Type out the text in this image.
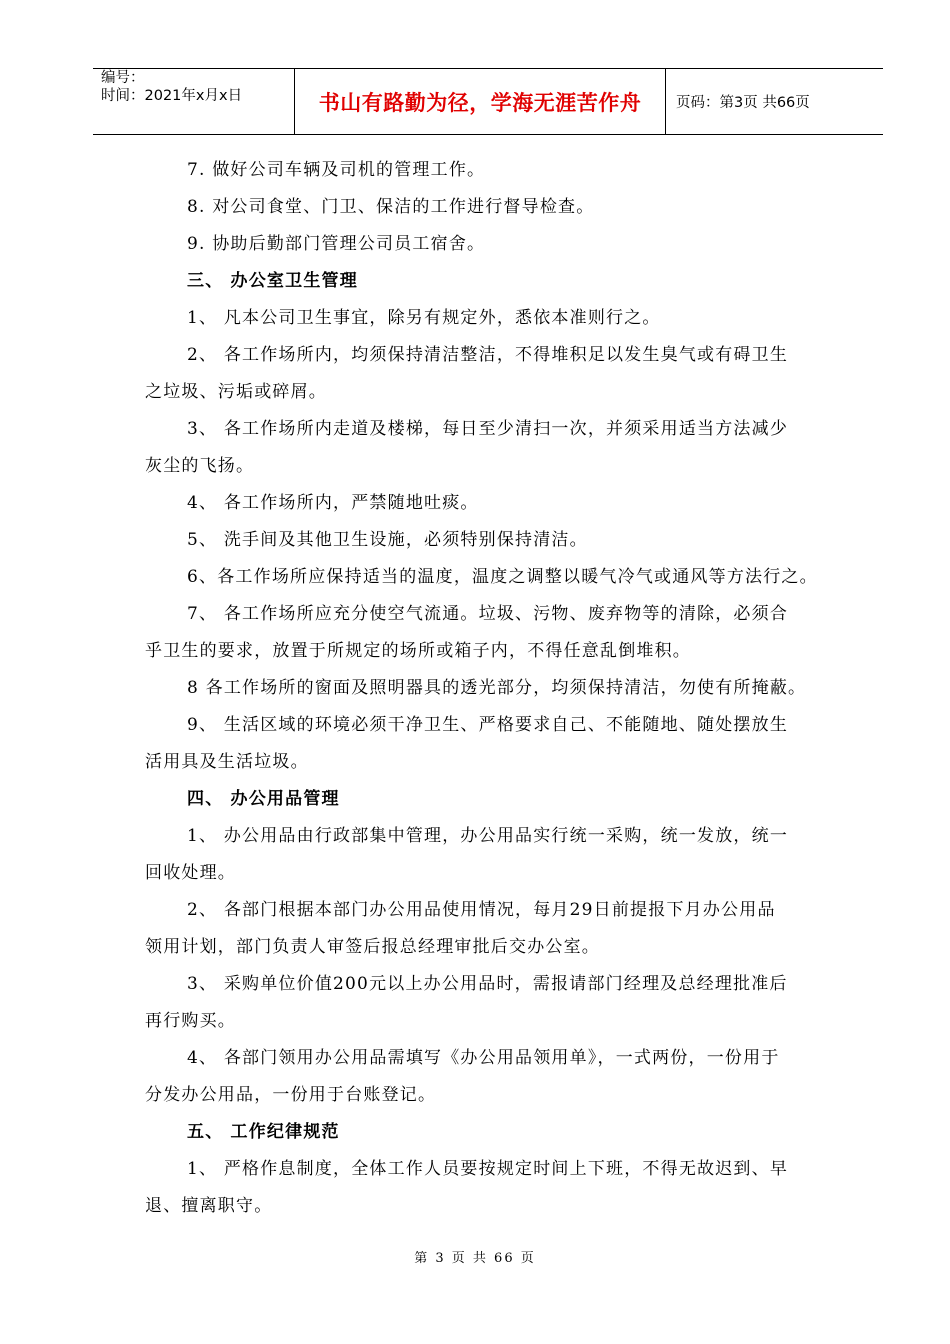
编号：
时间：2021年x月x日	书山有路勤为径，学海无涯苦作舟	页码：第3页 共66页

7. 做好公司车辆及司机的管理工作。

8. 对公司食堂、门卫、保洁的工作进行督导检查。

9. 协助后勤部门管理公司员工宿舍。

三、 办公室卫生管理

1、 凡本公司卫生事宜，除另有规定外，悉依本准则行之。

2、 各工作场所内，均须保持清洁整洁，不得堆积足以发生臭气或有碍卫生

之垃圾、污垢或碎屑。

3、 各工作场所内走道及楼梯，每日至少清扫一次，并须采用适当方法减少

灰尘的飞扬。

4、 各工作场所内，严禁随地吐痰。

5、 洗手间及其他卫生设施，必须特别保持清洁。

6、各工作场所应保持适当的温度，温度之调整以暖气冷气或通风等方法行之。

7、 各工作场所应充分使空气流通。垃圾、污物、废弃物等的清除，必须合

乎卫生的要求，放置于所规定的场所或箱子内，不得任意乱倒堆积。

8 各工作场所的窗面及照明器具的透光部分，均须保持清洁，勿使有所掩蔽。

9、 生活区域的环境必须干净卫生、严格要求自己、不能随地、随处摆放生

活用具及生活垃圾。

四、 办公用品管理

1、 办公用品由行政部集中管理，办公用品实行统一采购，统一发放，统一

回收处理。

2、 各部门根据本部门办公用品使用情况，每月29日前提报下月办公用品

领用计划，部门负责人审签后报总经理审批后交办公室。

3、 采购单位价值200元以上办公用品时，需报请部门经理及总经理批准后

再行购买。

4、 各部门领用办公用品需填写《办公用品领用单》，一式两份，一份用于

分发办公用品，一份用于台账登记。

五、 工作纪律规范

1、 严格作息制度，全体工作人员要按规定时间上下班，不得无故迟到、早

退、擅离职守。

第 3 页 共 66 页
